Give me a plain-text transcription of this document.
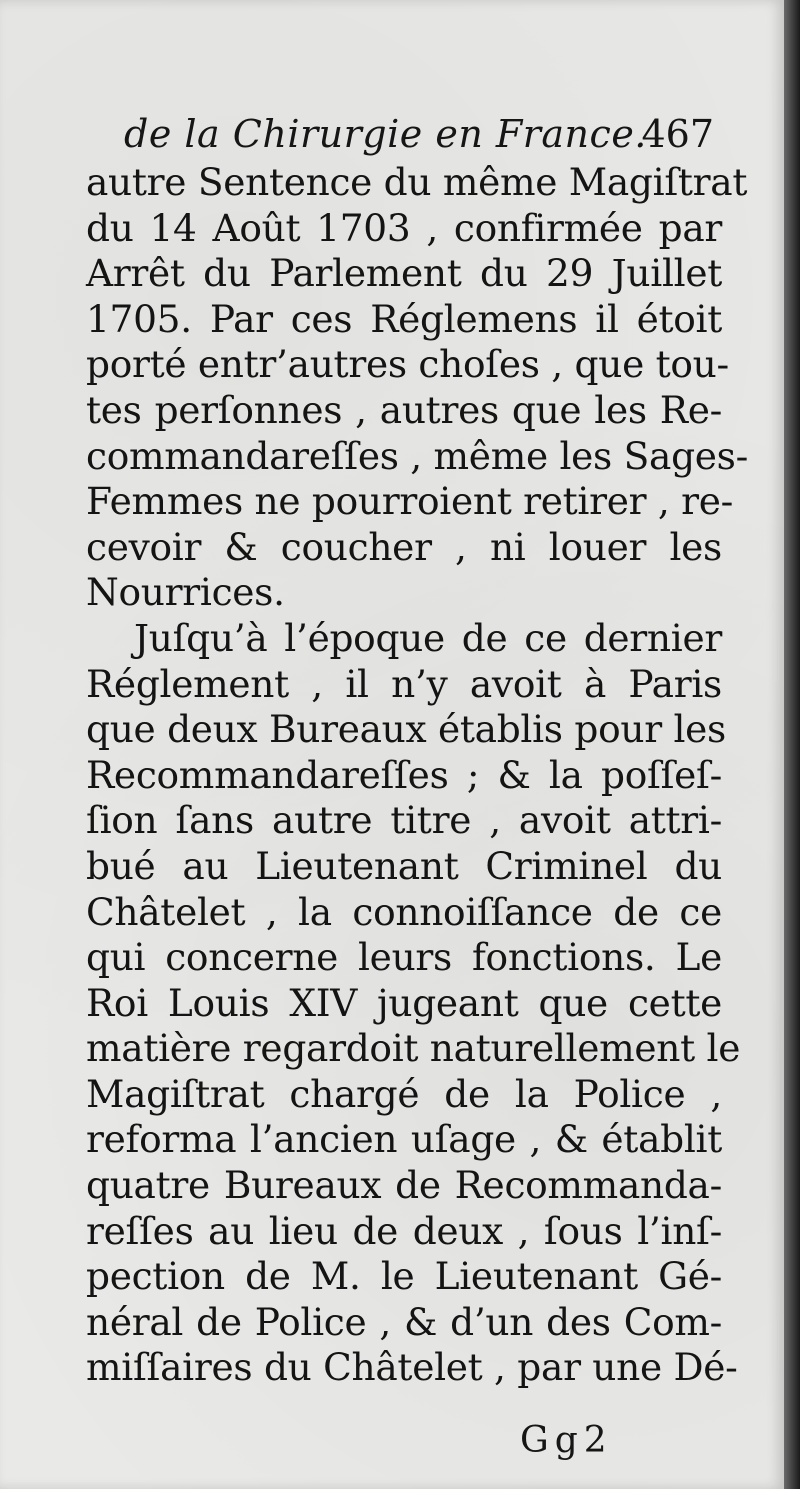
de la Chirurgie en France.
467
autre Sentence du même Magiſtrat
du 14 Août 1703 , confirmée par
Arrêt du Parlement du 29 Juillet
1705. Par ces Réglemens il étoit
porté entr’autres choſes , que tou-
tes perſonnes , autres que les Re-
commandareſſes , même les Sages-
Femmes ne pourroient retirer , re-
cevoir & coucher , ni louer les
Nourrices.
Juſqu’à l’époque de ce dernier
Réglement , il n’y avoit à Paris
que deux Bureaux établis pour les
Recommandareſſes ; & la poſſeſ-
ſion ſans autre titre , avoit attri-
bué au Lieutenant Criminel du
Châtelet , la connoiſſance de ce
qui concerne leurs fonctions. Le
Roi Louis XIV jugeant que cette
matière regardoit naturellement le
Magiſtrat chargé de la Police ,
reforma l’ancien uſage , & établit
quatre Bureaux de Recommanda-
reſſes au lieu de deux , ſous l’inſ-
pection de M. le Lieutenant Gé-
néral de Police , & d’un des Com-
miſſaires du Châtelet , par une Dé-
Gg2
